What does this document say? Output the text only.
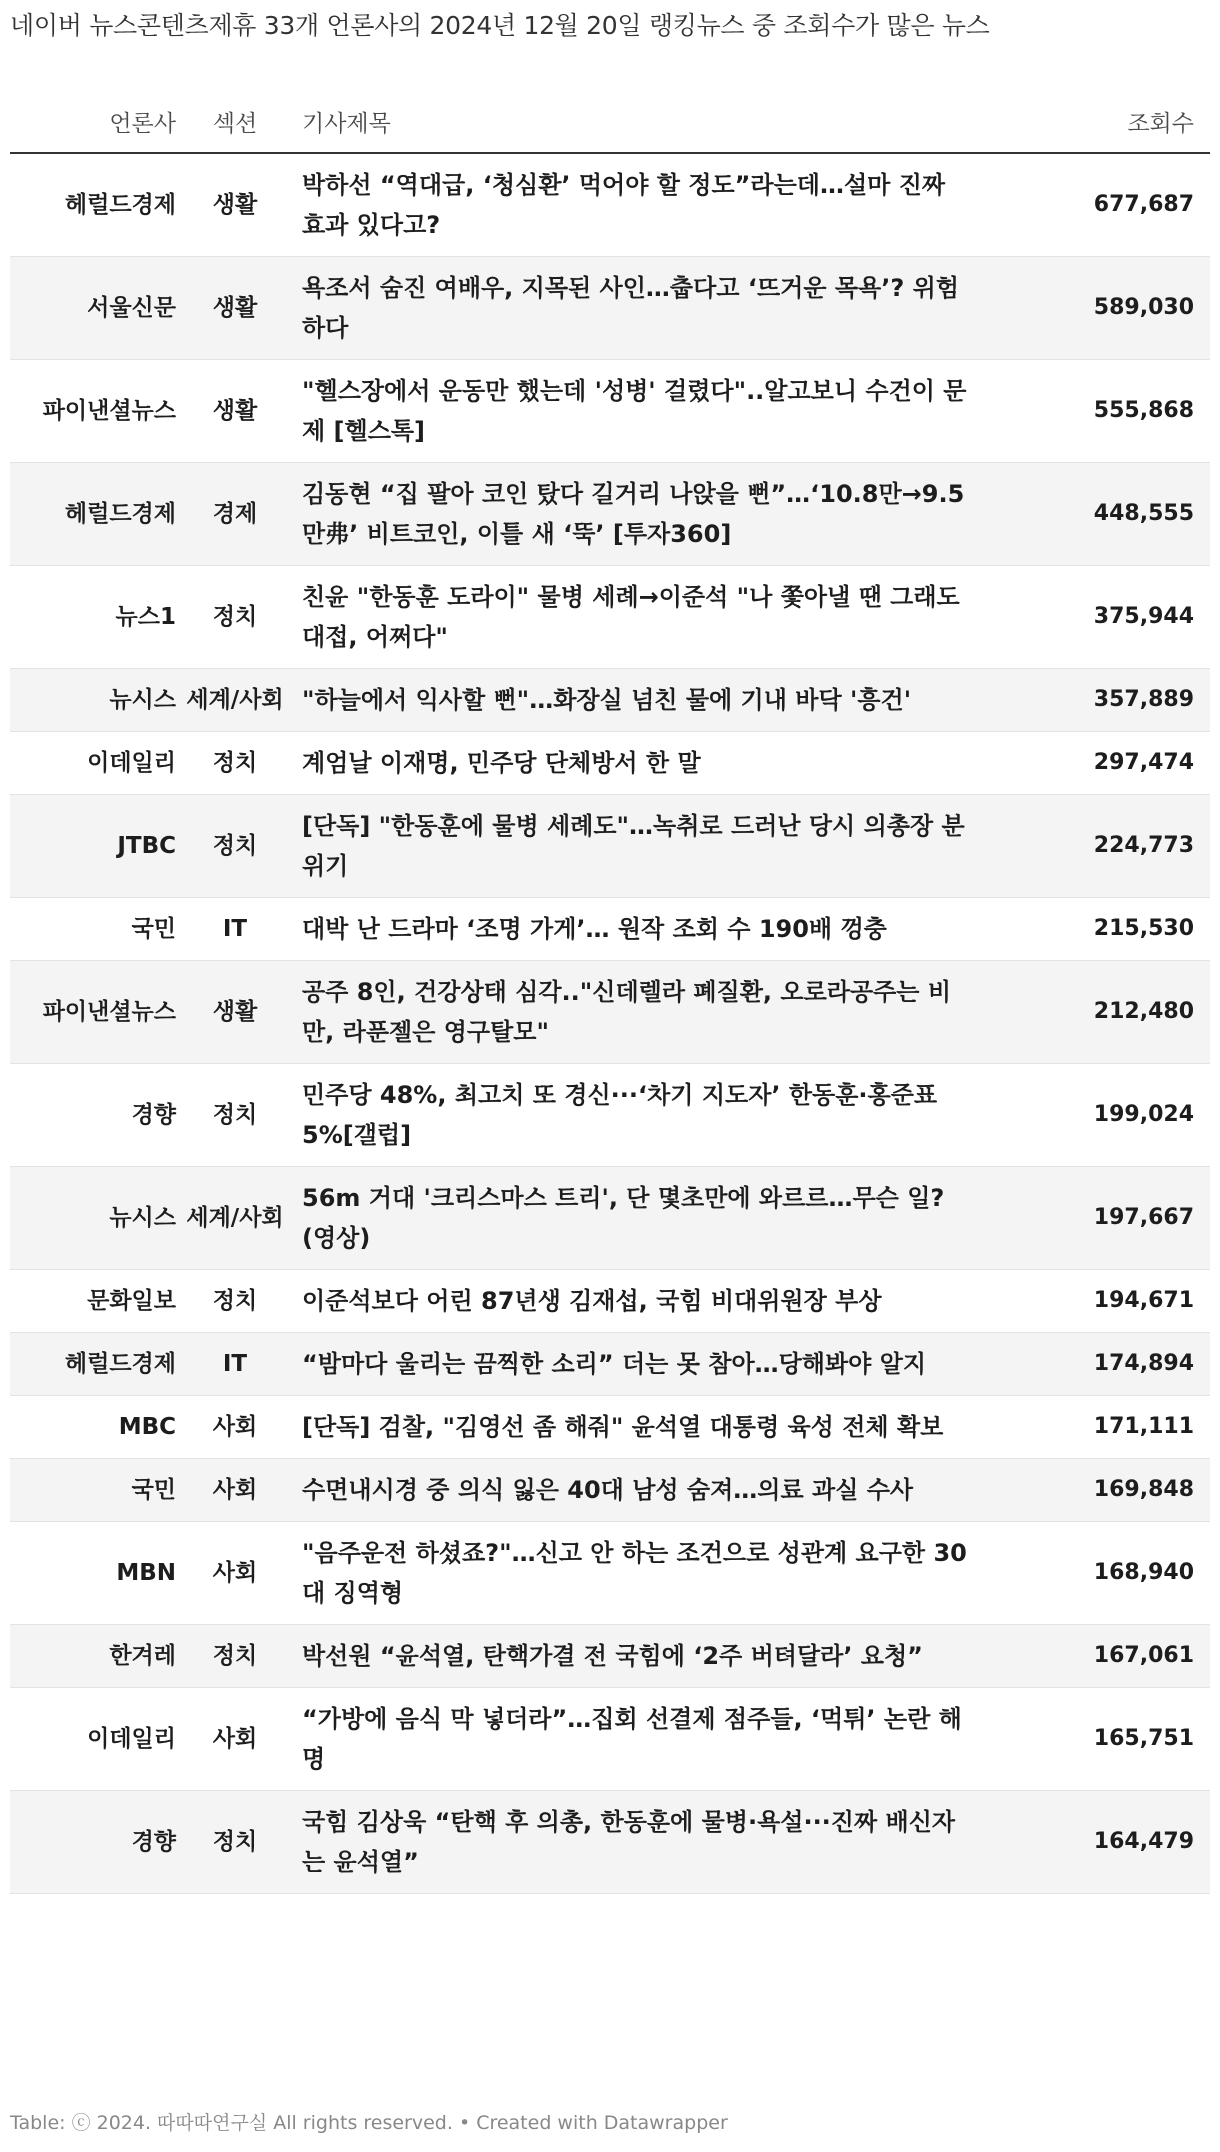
네이버 뉴스콘텐츠제휴 33개 언론사의 2024년 12월 20일 랭킹뉴스 중 조회수가 많은 뉴스
언론사	섹션	기사제목	조회수
헤럴드경제	생활	박하선 “역대급, ‘청심환’ 먹어야 할 정도”라는데…설마 진짜 효과 있다고?	677,687
서울신문	생활	욕조서 숨진 여배우, 지목된 사인…춥다고 ‘뜨거운 목욕’? 위험하다	589,030
파이낸셜뉴스	생활	"헬스장에서 운동만 했는데 '성병' 걸렸다"..알고보니 수건이 문제 [헬스톡]	555,868
헤럴드경제	경제	김동현 “집 팔아 코인 탔다 길거리 나앉을 뻔”…‘10.8만→9.5만弗’ 비트코인, 이틀 새 ‘뚝’ [투자360]	448,555
뉴스1	정치	친윤 "한동훈 도라이" 물병 세례→이준석 "나 쫓아낼 땐 그래도 대접, 어쩌다"	375,944
뉴시스	세계/사회	"하늘에서 익사할 뻔"…화장실 넘친 물에 기내 바닥 '흥건'	357,889
이데일리	정치	계엄날 이재명, 민주당 단체방서 한 말	297,474
JTBC	정치	[단독] "한동훈에 물병 세례도"…녹취로 드러난 당시 의총장 분위기	224,773
국민	IT	대박 난 드라마 ‘조명 가게’… 원작 조회 수 190배 껑충	215,530
파이낸셜뉴스	생활	공주 8인, 건강상태 심각.."신데렐라 폐질환, 오로라공주는 비만, 라푼젤은 영구탈모"	212,480
경향	정치	민주당 48%, 최고치 또 경신···‘차기 지도자’ 한동훈·홍준표 5%[갤럽]	199,024
뉴시스	세계/사회	56m 거대 '크리스마스 트리', 단 몇초만에 와르르…무슨 일?(영상)	197,667
문화일보	정치	이준석보다 어린 87년생 김재섭, 국힘 비대위원장 부상	194,671
헤럴드경제	IT	“밤마다 울리는 끔찍한 소리” 더는 못 참아…당해봐야 알지	174,894
MBC	사회	[단독] 검찰, "김영선 좀 해줘" 윤석열 대통령 육성 전체 확보	171,111
국민	사회	수면내시경 중 의식 잃은 40대 남성 숨져…의료 과실 수사	169,848
MBN	사회	"음주운전 하셨죠?"…신고 안 하는 조건으로 성관계 요구한 30대 징역형	168,940
한겨레	정치	박선원 “윤석열, 탄핵가결 전 국힘에 ‘2주 버텨달라’ 요청”	167,061
이데일리	사회	“가방에 음식 막 넣더라”…집회 선결제 점주들, ‘먹튀’ 논란 해명	165,751
경향	정치	국힘 김상욱 “탄핵 후 의총, 한동훈에 물병·욕설···진짜 배신자는 윤석열”	164,479
Table: ⓒ 2024. 따따따연구실 All rights reserved. • Created with Datawrapper
